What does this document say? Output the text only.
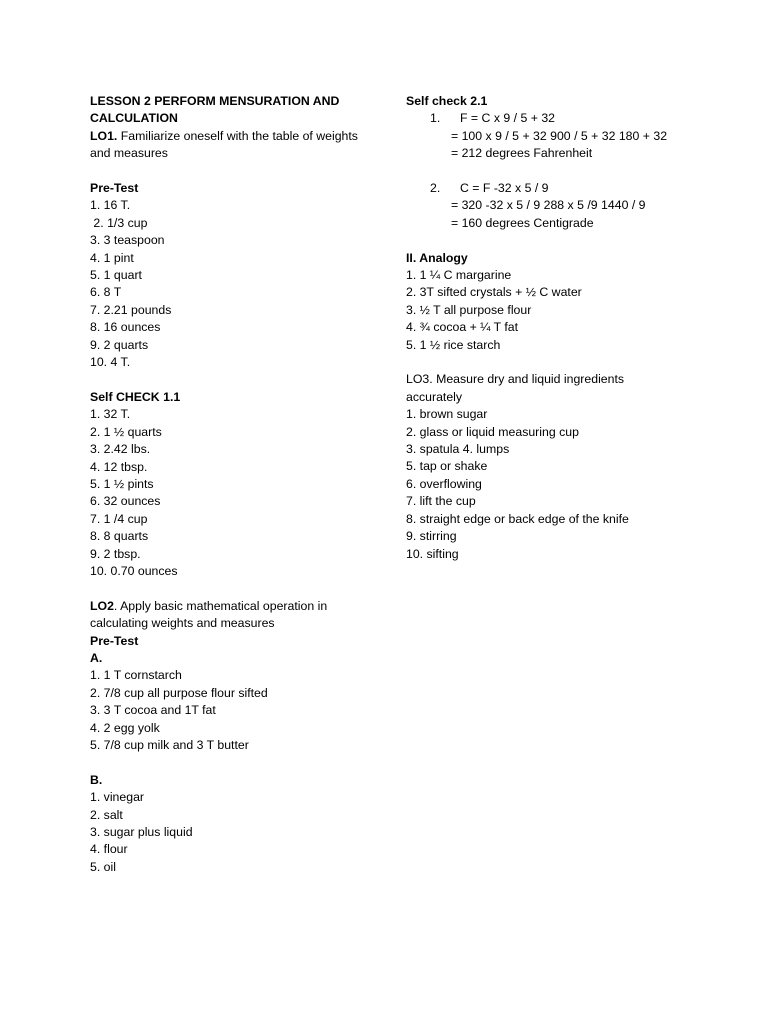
LESSON 2 PERFORM MENSURATION AND CALCULATION
LO1. Familiarize oneself with the table of weights and measures
Pre-Test
1. 16 T.
2. 1/3 cup
3. 3 teaspoon
4. 1 pint
5. 1 quart
6. 8 T
7. 2.21 pounds
8. 16 ounces
9. 2 quarts
10. 4 T.
Self CHECK 1.1
1. 32 T.
2. 1 ½ quarts
3. 2.42 lbs.
4. 12 tbsp.
5. 1 ½ pints
6. 32 ounces
7. 1 /4 cup
8. 8 quarts
9. 2 tbsp.
10. 0.70 ounces
LO2. Apply basic mathematical operation in calculating weights and measures
Pre-Test
A.
1. 1 T cornstarch
2. 7/8 cup all purpose flour sifted
3. 3 T cocoa and 1T fat
4. 2 egg yolk
5. 7/8 cup milk and 3 T butter
B.
1. vinegar
2. salt
3. sugar plus liquid
4. flour
5. oil
Self check 2.1
1.	F = C x 9 / 5 + 32
= 100 x 9 / 5 + 32 900 / 5 + 32 180 + 32
= 212 degrees Fahrenheit
2.	C = F -32 x 5 / 9
= 320 -32 x 5 / 9 288 x 5 /9 1440 / 9
= 160 degrees Centigrade
II. Analogy
1. 1 ¼ C margarine
2. 3T sifted crystals + ½ C water
3. ½ T all purpose flour
4. ¾ cocoa + ¼ T fat
5. 1 ½ rice starch
LO3. Measure dry and liquid ingredients accurately
1. brown sugar
2. glass or liquid measuring cup
3. spatula 4. lumps
5. tap or shake
6. overflowing
7. lift the cup
8. straight edge or back edge of the knife
9. stirring
10. sifting
